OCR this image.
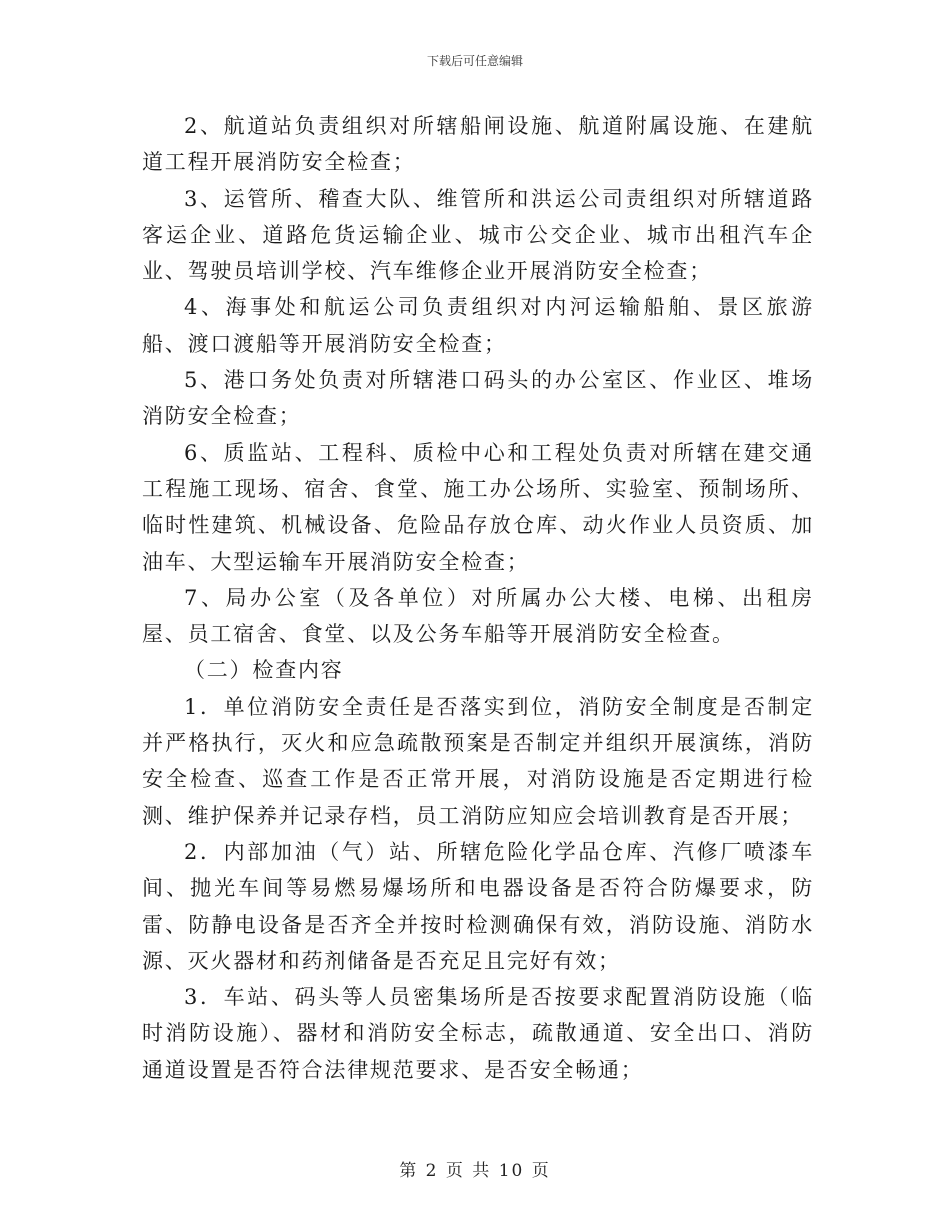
下载后可任意编辑

2、航道站负责组织对所辖船闸设施、航道附属设施、在建航道工程开展消防安全检查；

3、运管所、稽查大队、维管所和洪运公司责组织对所辖道路客运企业、道路危货运输企业、城市公交企业、城市出租汽车企业、驾驶员培训学校、汽车维修企业开展消防安全检查；

4、海事处和航运公司负责组织对内河运输船舶、景区旅游船、渡口渡船等开展消防安全检查；

5、港口务处负责对所辖港口码头的办公室区、作业区、堆场消防安全检查；

6、质监站、工程科、质检中心和工程处负责对所辖在建交通工程施工现场、宿舍、食堂、施工办公场所、实验室、预制场所、临时性建筑、机械设备、危险品存放仓库、动火作业人员资质、加油车、大型运输车开展消防安全检查；

7、局办公室（及各单位）对所属办公大楼、电梯、出租房屋、员工宿舍、食堂、以及公务车船等开展消防安全检查。

（二）检查内容

1．单位消防安全责任是否落实到位，消防安全制度是否制定并严格执行，灭火和应急疏散预案是否制定并组织开展演练，消防安全检查、巡查工作是否正常开展，对消防设施是否定期进行检测、维护保养并记录存档，员工消防应知应会培训教育是否开展；

2．内部加油（气）站、所辖危险化学品仓库、汽修厂喷漆车间、抛光车间等易燃易爆场所和电器设备是否符合防爆要求，防雷、防静电设备是否齐全并按时检测确保有效，消防设施、消防水源、灭火器材和药剂储备是否充足且完好有效；

3．车站、码头等人员密集场所是否按要求配置消防设施（临时消防设施）、器材和消防安全标志，疏散通道、安全出口、消防通道设置是否符合法律规范要求、是否安全畅通；

第 2 页 共 10 页
